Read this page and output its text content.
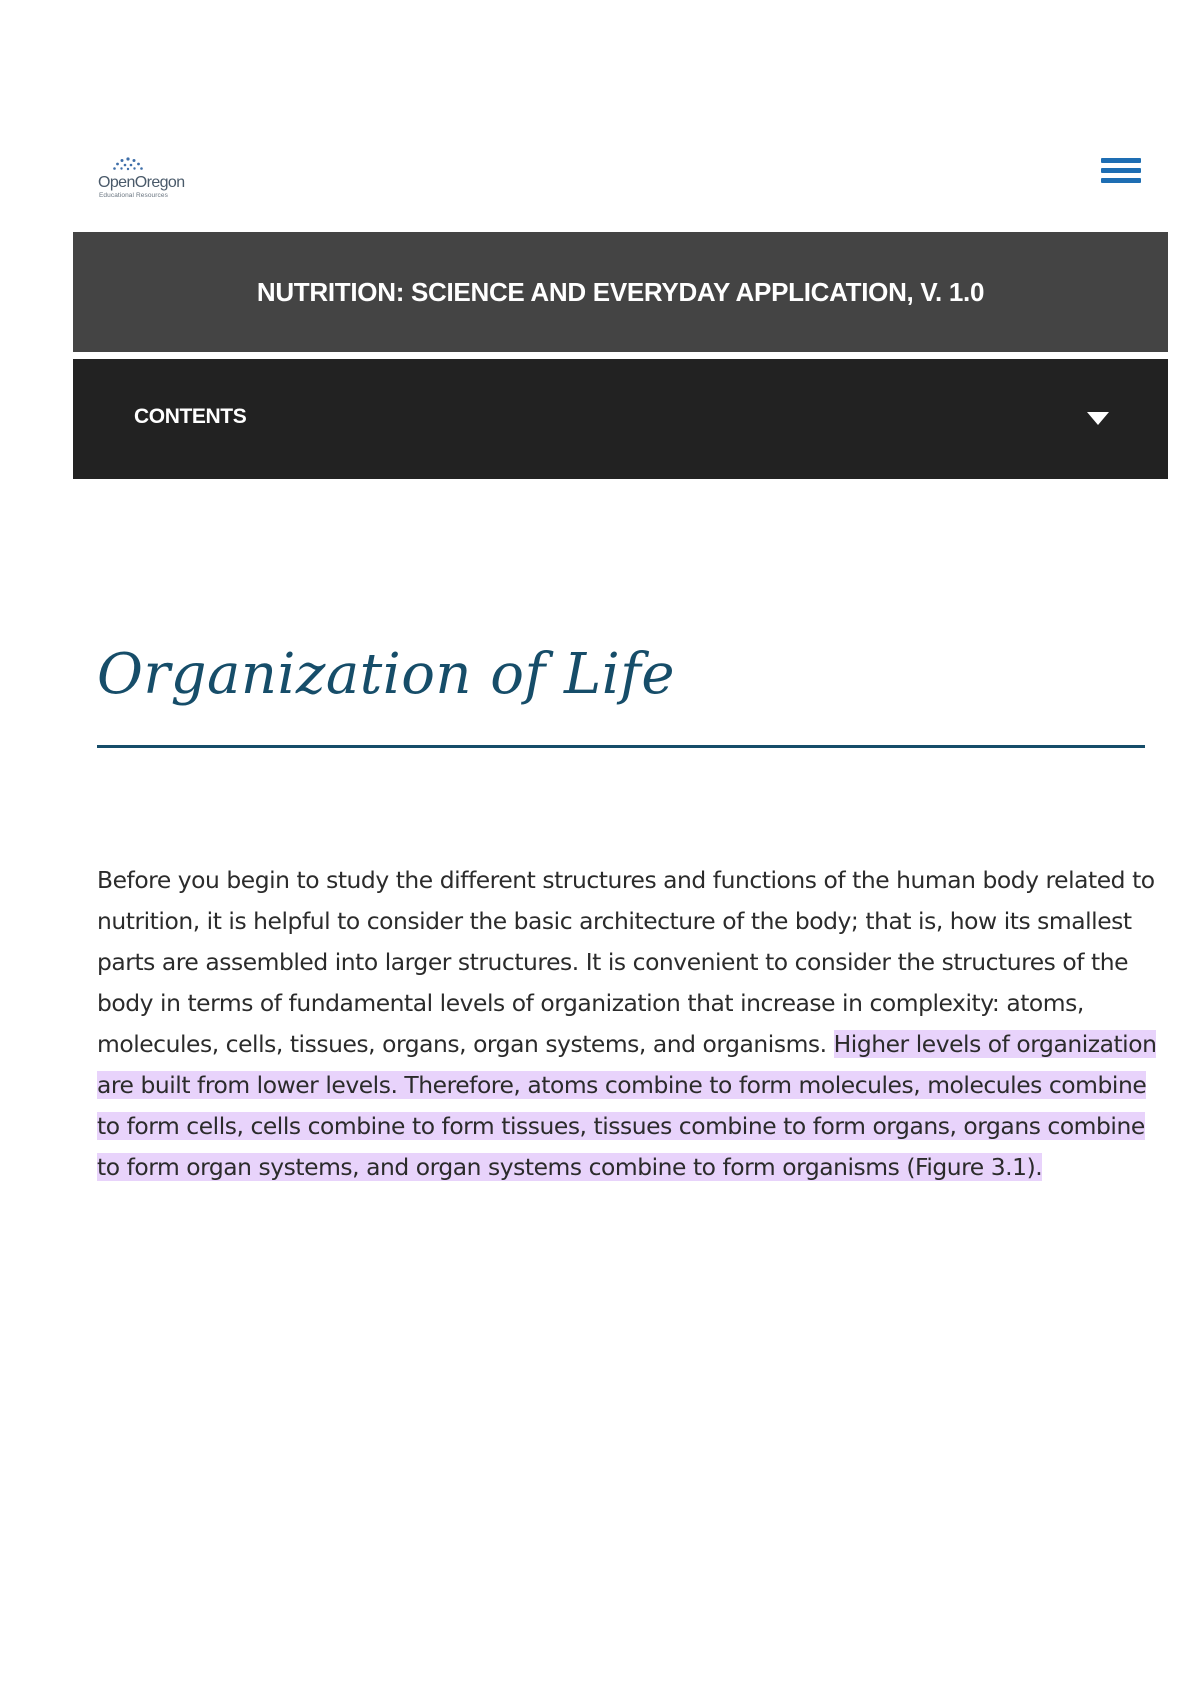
OpenOregon
Educational Resources
NUTRITION: SCIENCE AND EVERYDAY APPLICATION, V. 1.0
CONTENTS
Organization of Life

Before you begin to study the different structures and functions of the human body related to nutrition, it is helpful to consider the basic architecture of the body; that is, how its smallest parts are assembled into larger structures. It is convenient to consider the structures of the body in terms of fundamental levels of organization that increase in complexity: atoms, molecules, cells, tissues, organs, organ systems, and organisms. Higher levels of organization are built from lower levels. Therefore, atoms combine to form molecules, molecules combine to form cells, cells combine to form tissues, tissues combine to form organs, organs combine to form organ systems, and organ systems combine to form organisms (Figure 3.1).
